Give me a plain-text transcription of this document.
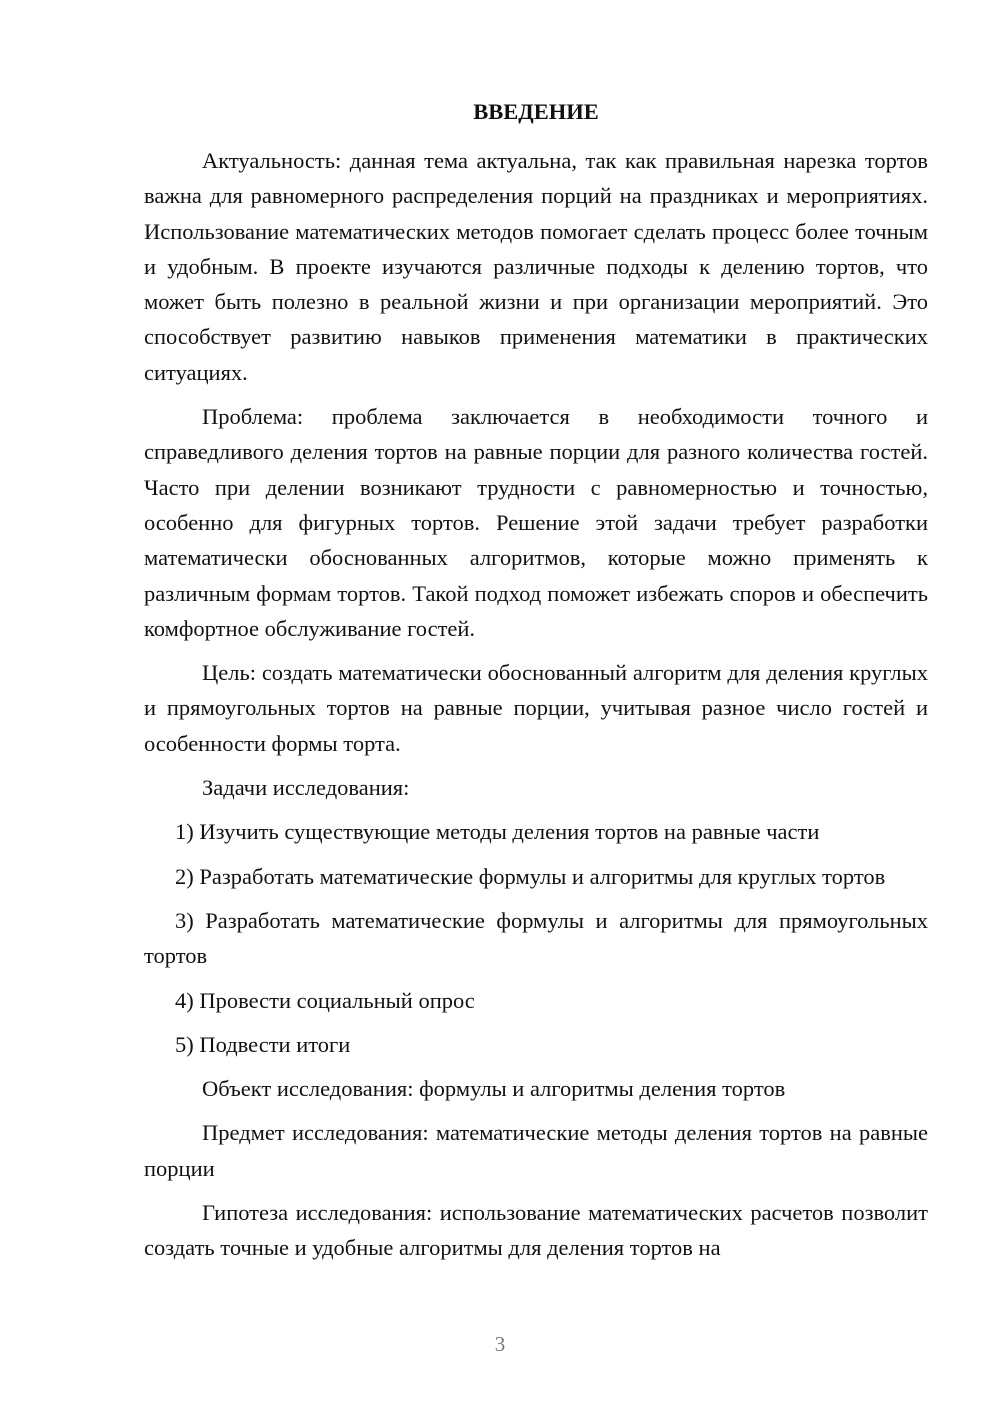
ВВЕДЕНИЕ

Актуальность: данная тема актуальна, так как правильная нарезка тортов важна для равномерного распределения порций на праздниках и мероприятиях. Использование математических методов помогает сделать процесс более точным и удобным. В проекте изучаются различные подходы к делению тортов, что может быть полезно в реальной жизни и при организации мероприятий. Это способствует развитию навыков применения математики в практических ситуациях.

Проблема: проблема заключается в необходимости точного и справедливого деления тортов на равные порции для разного количества гостей. Часто при делении возникают трудности с равномерностью и точностью, особенно для фигурных тортов. Решение этой задачи требует разработки математически обоснованных алгоритмов, которые можно применять к различным формам тортов. Такой подход поможет избежать споров и обеспечить комфортное обслуживание гостей.

Цель: создать математически обоснованный алгоритм для деления круглых и прямоугольных тортов на равные порции, учитывая разное число гостей и особенности формы торта.

Задачи исследования:

1) Изучить существующие методы деления тортов на равные части

2) Разработать математические формулы и алгоритмы для круглых тортов

3) Разработать математические формулы и алгоритмы для прямоугольных тортов

4) Провести социальный опрос

5) Подвести итоги

Объект исследования: формулы и алгоритмы деления тортов

Предмет исследования: математические методы деления тортов на равные порции

Гипотеза исследования: использование математических расчетов позволит создать точные и удобные алгоритмы для деления тортов на

3
